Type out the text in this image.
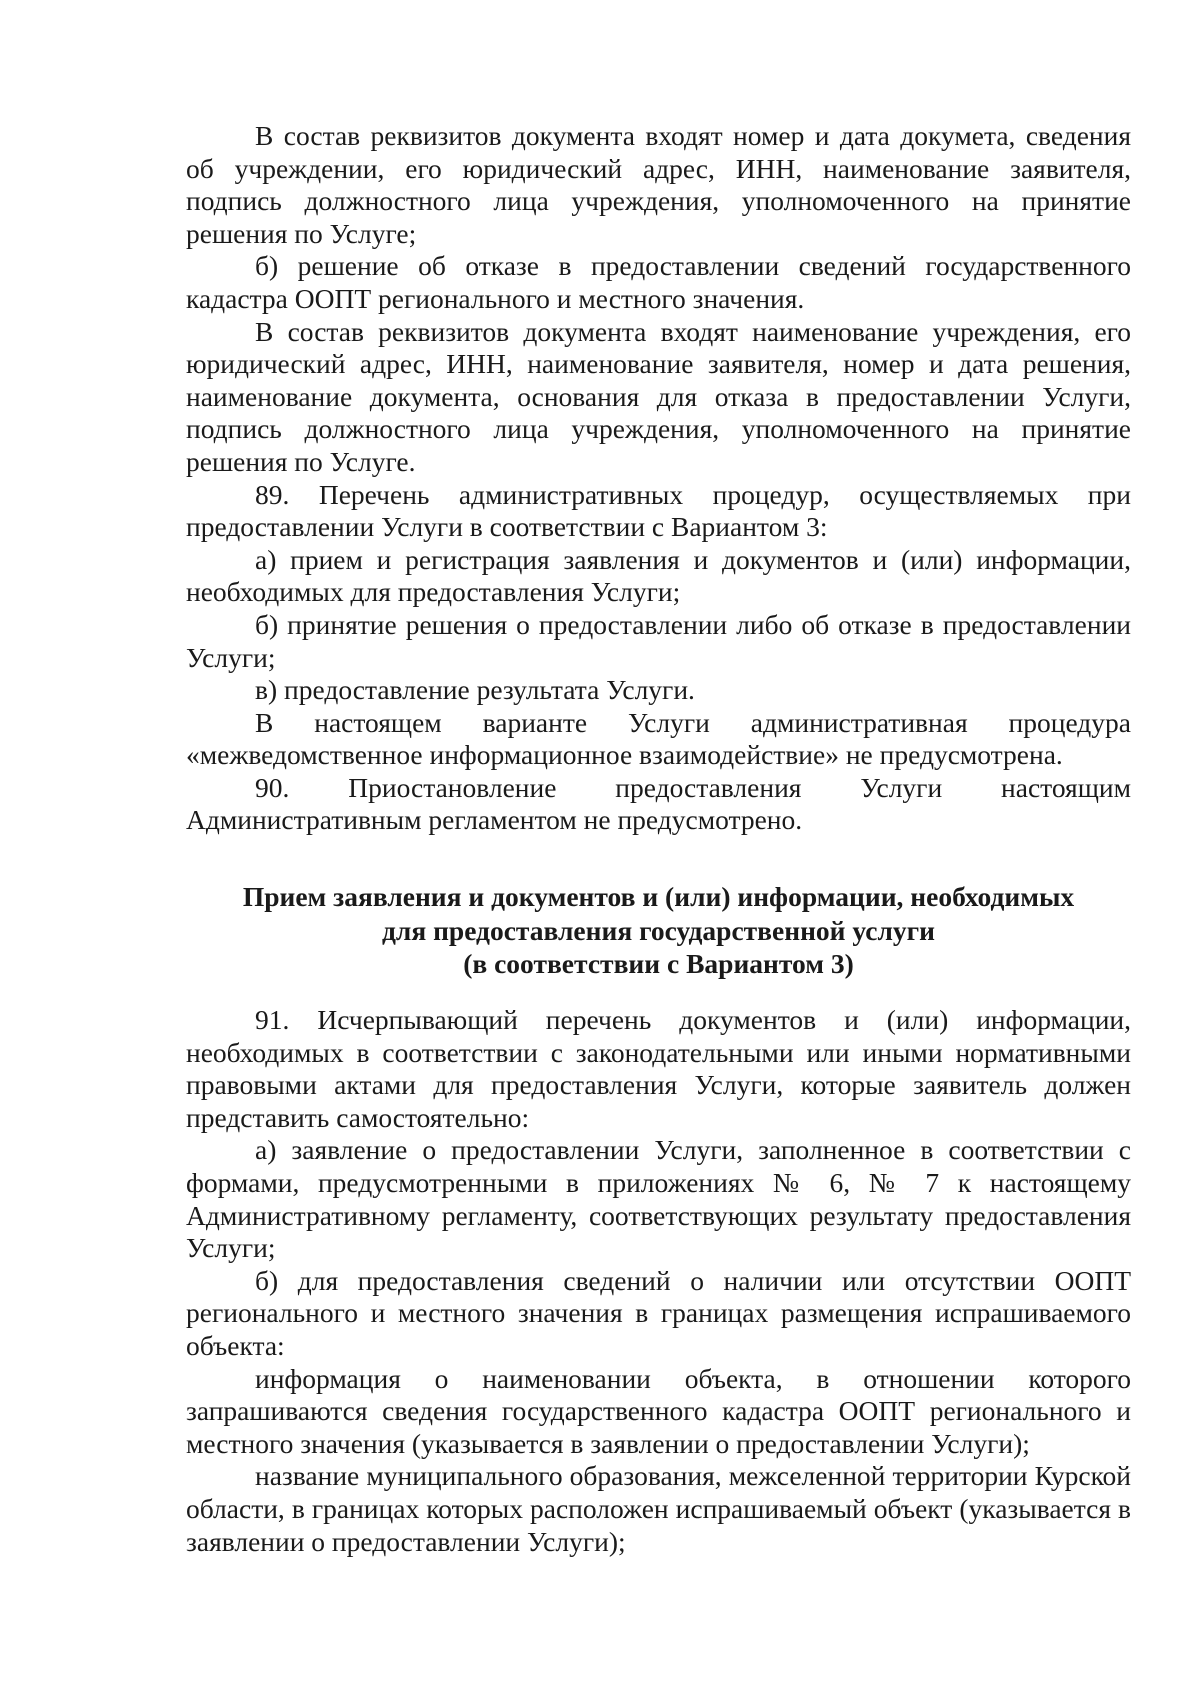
В состав реквизитов документа входят номер и дата докумета, сведения об учреждении, его юридический адрес, ИНН, наименование заявителя, подпись должностного лица учреждения, уполномоченного на принятие решения по Услуге;

б) решение об отказе в предоставлении сведений государственного кадастра ООПТ регионального и местного значения.

В состав реквизитов документа входят наименование учреждения, его юридический адрес, ИНН, наименование заявителя, номер и дата решения, наименование документа, основания для отказа в предоставлении Услуги, подпись должностного лица учреждения, уполномоченного на принятие решения по Услуге.

89. Перечень административных процедур, осуществляемых при предоставлении Услуги в соответствии с Вариантом 3:

а) прием и регистрация заявления и документов и (или) информации, необходимых для предоставления Услуги;

б) принятие решения о предоставлении либо об отказе в предоставлении Услуги;

в) предоставление результата Услуги.

В настоящем варианте Услуги административная процедура «межведомственное информационное взаимодействие» не предусмотрена.

90. Приостановление предоставления Услуги настоящим Административным регламентом не предусмотрено.

Прием заявления и документов и (или) информации, необходимых
для предоставления государственной услуги
(в соответствии с Вариантом 3)

91. Исчерпывающий перечень документов и (или) информации, необходимых в соответствии с законодательными или иными нормативными правовыми актами для предоставления Услуги, которые заявитель должен представить самостоятельно:

а) заявление о предоставлении Услуги, заполненное в соответствии с формами, предусмотренными в приложениях № 6, № 7 к настоящему Административному регламенту, соответствующих результату предоставления Услуги;

б) для предоставления сведений о наличии или отсутствии ООПТ регионального и местного значения в границах размещения испрашиваемого объекта:

информация о наименовании объекта, в отношении которого запрашиваются сведения государственного кадастра ООПТ регионального и местного значения (указывается в заявлении о предоставлении Услуги);

название муниципального образования, межселенной территории Курской области, в границах которых расположен испрашиваемый объект (указывается в заявлении о предоставлении Услуги);
